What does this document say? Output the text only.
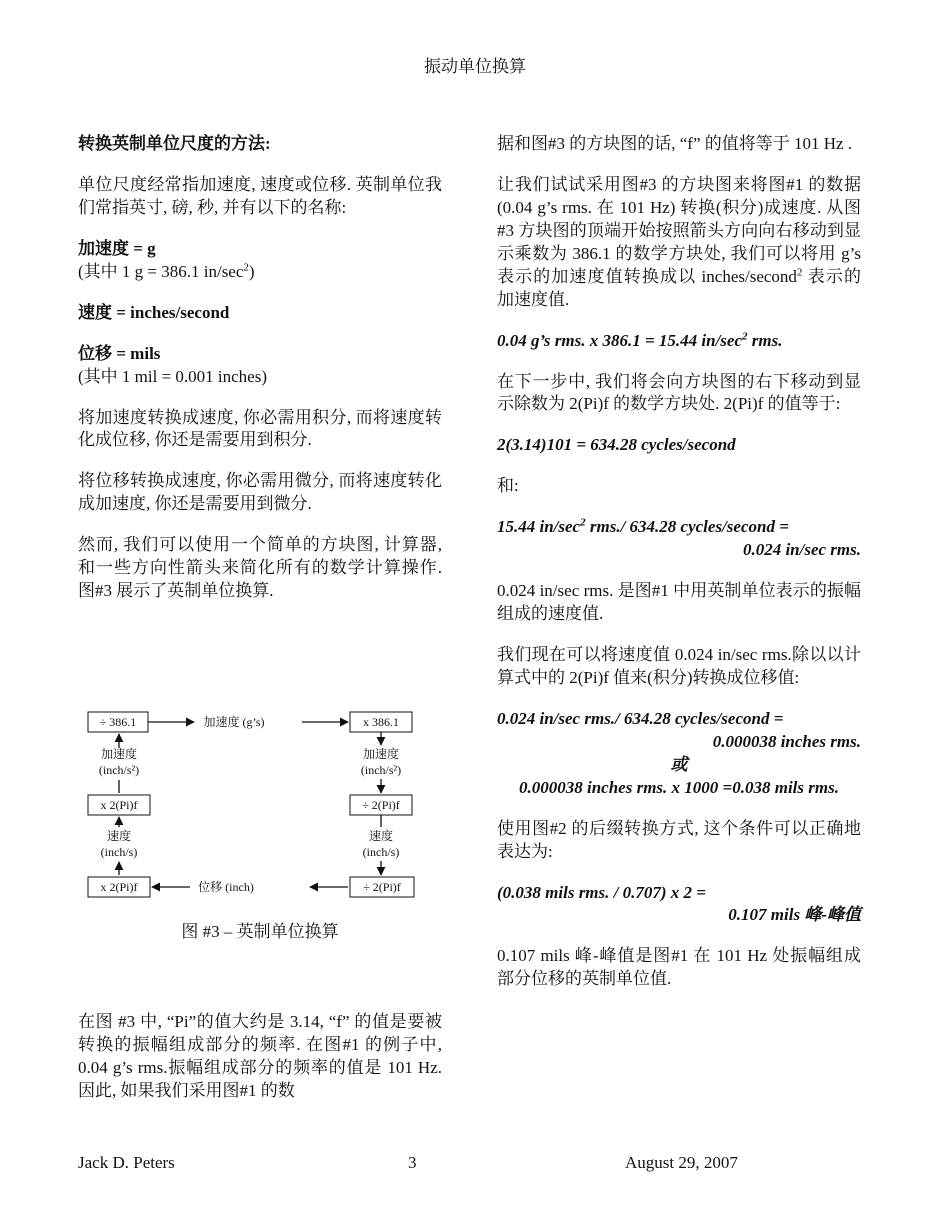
振动单位换算

转换英制单位尺度的方法:

单位尺度经常指加速度, 速度或位移. 英制单位我们常指英寸, 磅, 秒, 并有以下的名称:

加速度 = g
(其中 1 g = 386.1 $in/\sec^2$)

速度 = inches/second

位移 = mils
(其中 1 mil = 0.001 inches)

将加速度转换成速度, 你必需用积分, 而将速度转化成位移, 你还是需要用到积分.

将位移转换成速度, 你必需用微分, 而将速度转化成加速度, 你还是需要用到微分.

然而, 我们可以使用一个简单的方块图, 计算器, 和一些方向性箭头来简化所有的数学计算操作. 图#3 展示了英制单位换算.

÷ 386.1	x 386.1
x 2(Pi)f	÷ 2(Pi)f
x 2(Pi)f	÷ 2(Pi)f
加速度 (g’s)
加速度
(inch/s²)
加速度
(inch/s²)
速度
(inch/s)
速度
(inch/s)
位移 (inch)
图 #3 – 英制单位换算

在图 #3 中, “Pi”的值大约是 3.14, “f” 的值是要被转换的振幅组成部分的频率. 在图#1 的例子中, 0.04 g’s rms.振幅组成部分的频率的值是 101 Hz. 因此, 如果我们采用图#1 的数

据和图#3 的方块图的话, “f” 的值将等于 101 Hz .

让我们试试采用图#3 的方块图来将图#1 的数据(0.04 g’s rms. 在 101 Hz) 转换(积分)成速度. 从图#3 方块图的顶端开始按照箭头方向向右移动到显示乘数为 386.1 的数学方块处, 我们可以将用 g’s 表示的加速度值转换成以 inches/second$^2$ 表示的加速度值.

0.04 g’s rms. x 386.1 = 15.44 $in/\sec^2$ rms.

在下一步中, 我们将会向方块图的右下移动到显示除数为 2(Pi)f 的数学方块处. 2(Pi)f 的值等于:

2(3.14)101 = 634.28 cycles/second

和:

15.44 $in/\sec^2$ rms./ 634.28 cycles/second =
0.024 in/sec rms.

0.024 in/sec rms. 是图#1 中用英制单位表示的振幅组成的速度值.

我们现在可以将速度值 0.024 in/sec rms.除以以计算式中的 2(Pi)f 值来(积分)转换成位移值:

0.024 in/sec rms./ 634.28 cycles/second =
0.000038 inches rms.
或
0.000038 inches rms. x 1000 =0.038 mils rms.

使用图#2 的后缀转换方式, 这个条件可以正确地表达为:

(0.038 mils rms. / 0.707) x 2 =
0.107 mils 峰-峰值

0.107 mils 峰-峰值是图#1 在 101 Hz 处振幅组成部分位移的英制单位值.

Jack D. Peters	3	August 29, 2007
